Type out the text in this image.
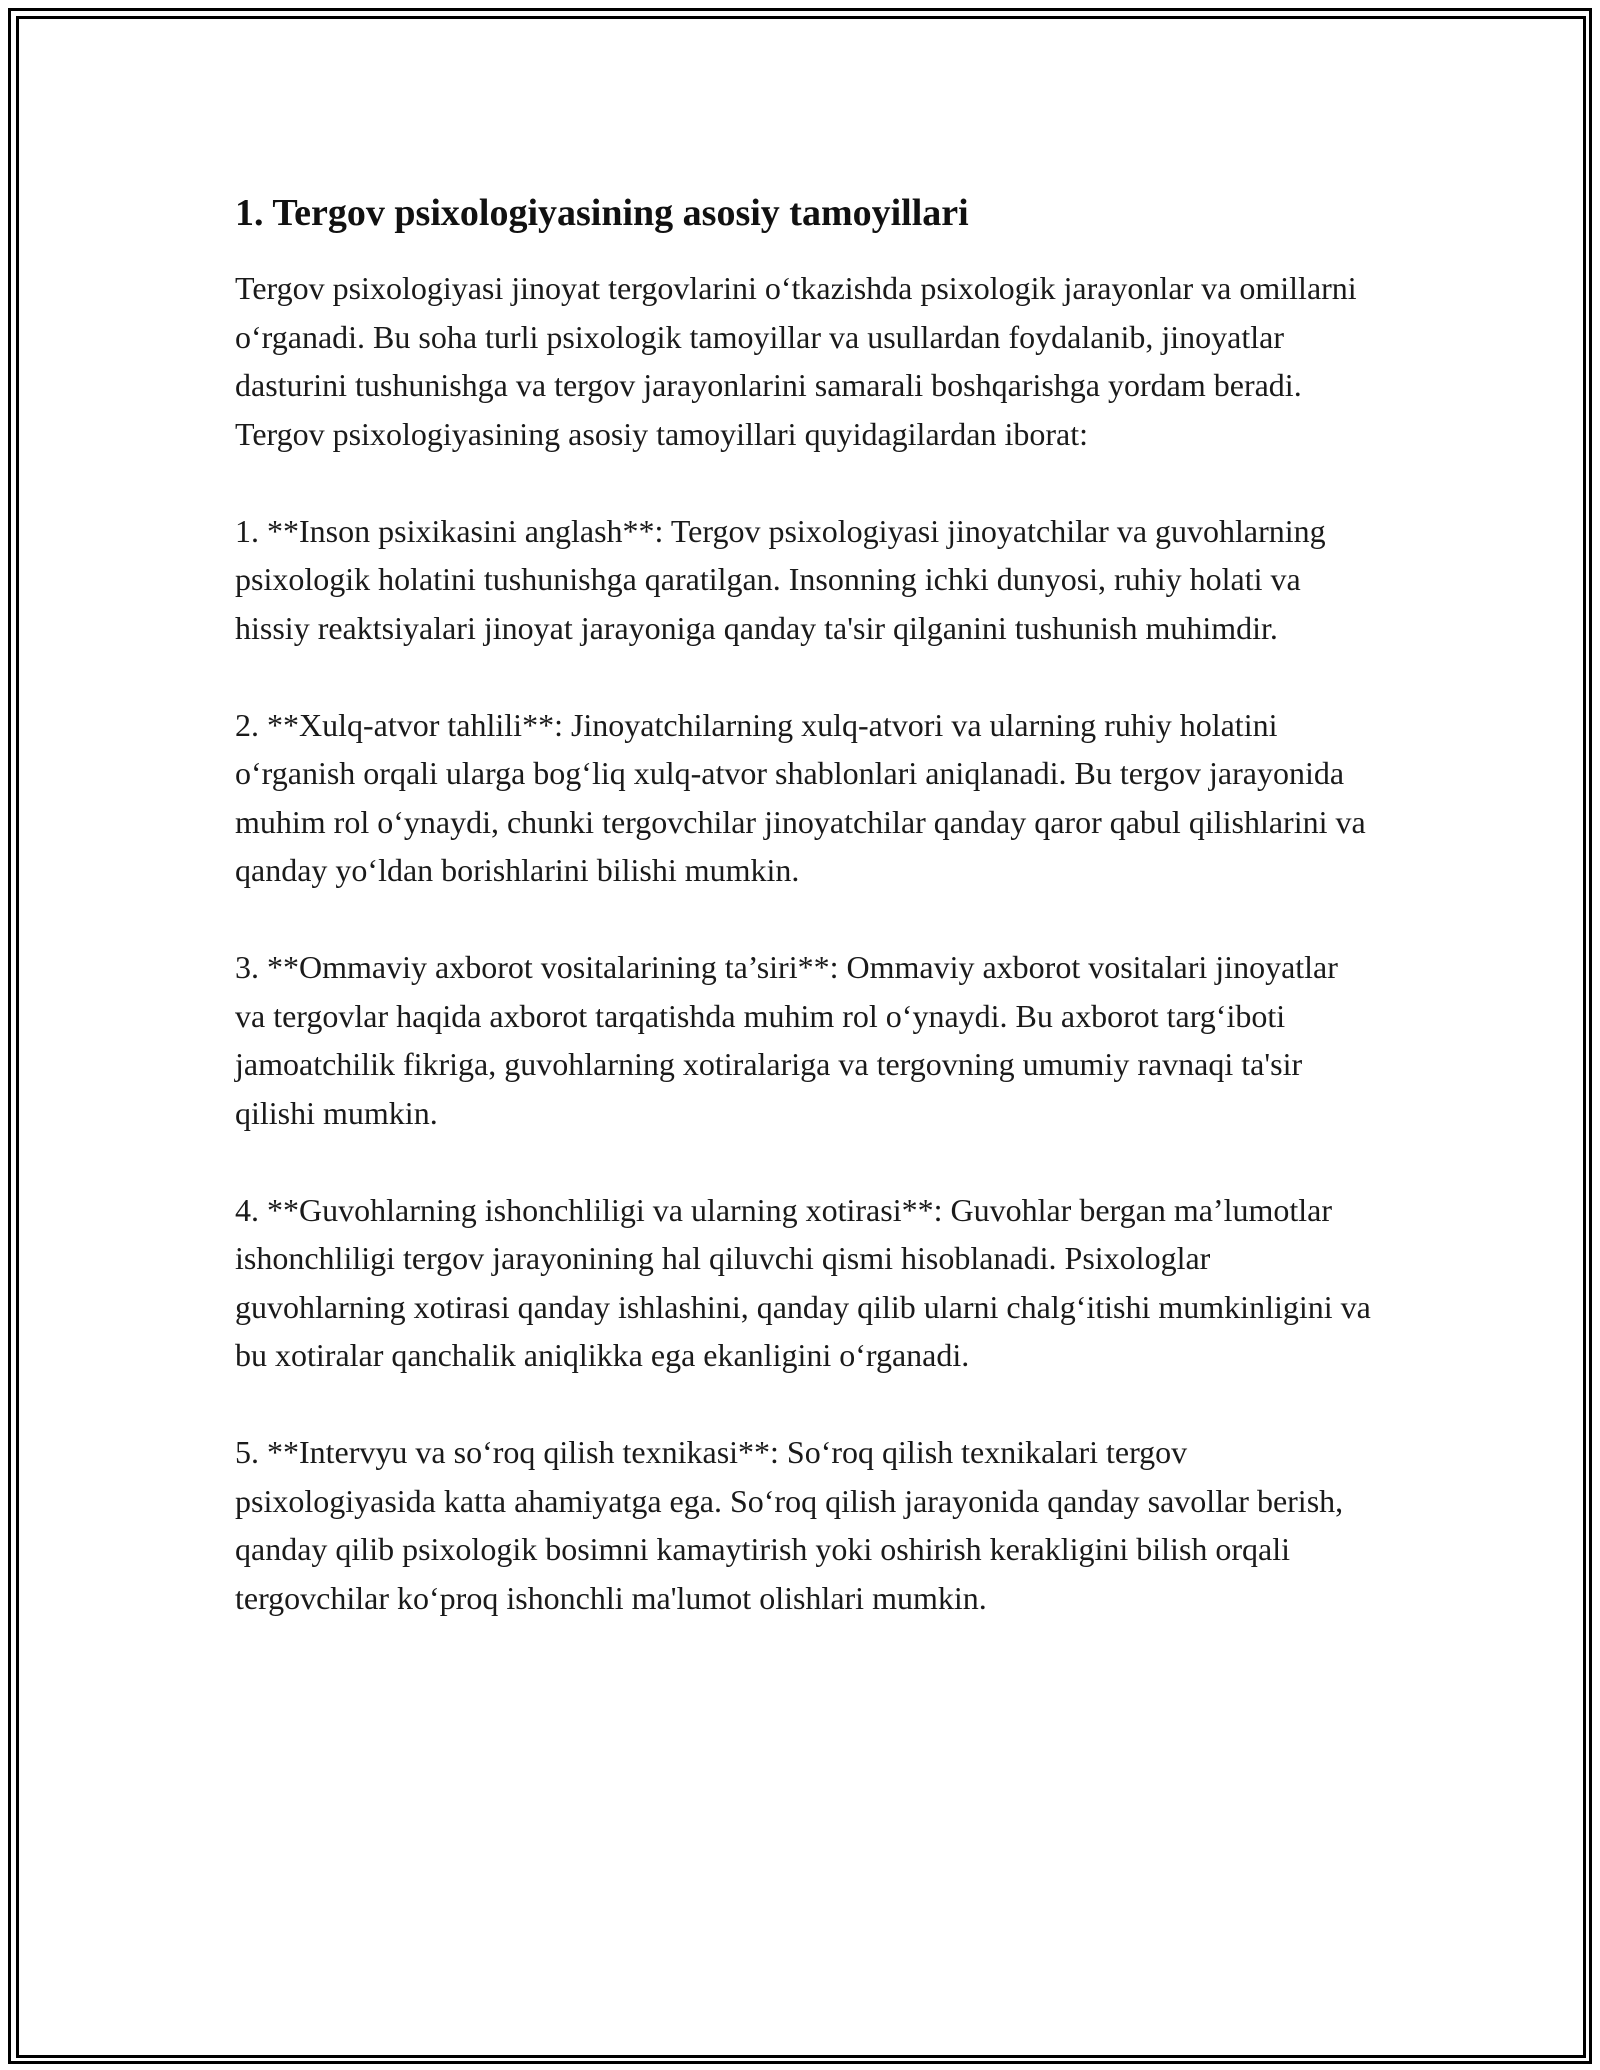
1. Tergov psixologiyasining asosiy tamoyillari

Tergov psixologiyasi jinoyat tergovlarini o‘tkazishda psixologik jarayonlar va omillarni o‘rganadi. Bu soha turli psixologik tamoyillar va usullardan foydalanib, jinoyatlar dasturini tushunishga va tergov jarayonlarini samarali boshqarishga yordam beradi. Tergov psixologiyasining asosiy tamoyillari quyidagilardan iborat:

1. **Inson psixikasini anglash**: Tergov psixologiyasi jinoyatchilar va guvohlarning psixologik holatini tushunishga qaratilgan. Insonning ichki dunyosi, ruhiy holati va hissiy reaktsiyalari jinoyat jarayoniga qanday ta'sir qilganini tushunish muhimdir.

2. **Xulq-atvor tahlili**: Jinoyatchilarning xulq-atvori va ularning ruhiy holatini o‘rganish orqali ularga bog‘liq xulq-atvor shablonlari aniqlanadi. Bu tergov jarayonida muhim rol o‘ynaydi, chunki tergovchilar jinoyatchilar qanday qaror qabul qilishlarini va qanday yo‘ldan borishlarini bilishi mumkin.

3. **Ommaviy axborot vositalarining ta’siri**: Ommaviy axborot vositalari jinoyatlar va tergovlar haqida axborot tarqatishda muhim rol o‘ynaydi. Bu axborot targ‘iboti jamoatchilik fikriga, guvohlarning xotiralariga va tergovning umumiy ravnaqi ta'sir qilishi mumkin.

4. **Guvohlarning ishonchliligi va ularning xotirasi**: Guvohlar bergan ma’lumotlar ishonchliligi tergov jarayonining hal qiluvchi qismi hisoblanadi. Psixologlar guvohlarning xotirasi qanday ishlashini, qanday qilib ularni chalg‘itishi mumkinligini va bu xotiralar qanchalik aniqlikka ega ekanligini o‘rganadi.

5. **Intervyu va so‘roq qilish texnikasi**: So‘roq qilish texnikalari tergov psixologiyasida katta ahamiyatga ega. So‘roq qilish jarayonida qanday savollar berish, qanday qilib psixologik bosimni kamaytirish yoki oshirish kerakligini bilish orqali tergovchilar ko‘proq ishonchli ma'lumot olishlari mumkin.
